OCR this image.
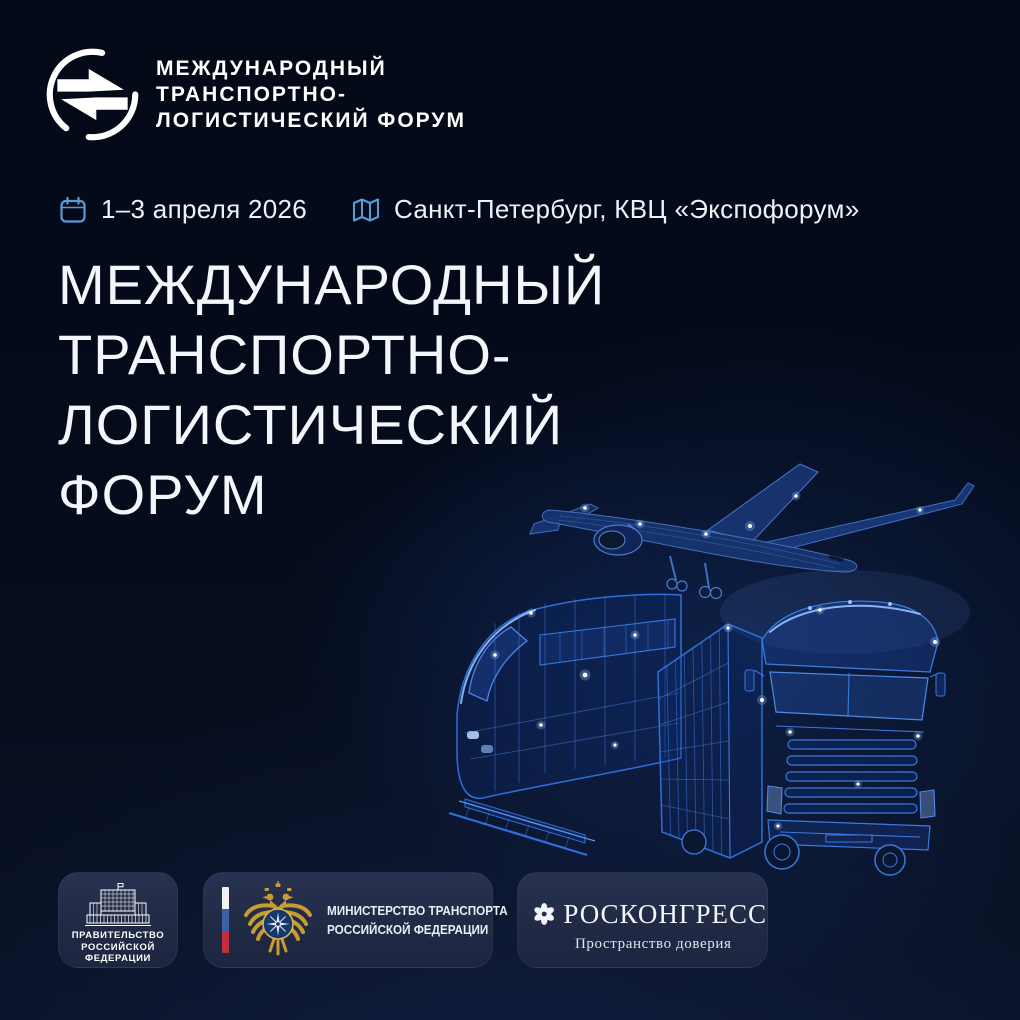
МЕЖДУНАРОДНЫЙ
ТРАНСПОРТНО-
ЛОГИСТИЧЕСКИЙ ФОРУМ
1–3 апреля 2026	Санкт-Петербург, КВЦ «Экспофорум»
МЕЖДУНАРОДНЫЙ
ТРАНСПОРТНО-
ЛОГИСТИЧЕСКИЙ
ФОРУМ
ПРАВИТЕЛЬСТВО
РОССИЙСКОЙ
ФЕДЕРАЦИИ
МИНИСТЕРСТВО ТРАНСПОРТА
РОССИЙСКОЙ ФЕДЕРАЦИИ
РОСКОНГРЕСС
Пространство доверия
